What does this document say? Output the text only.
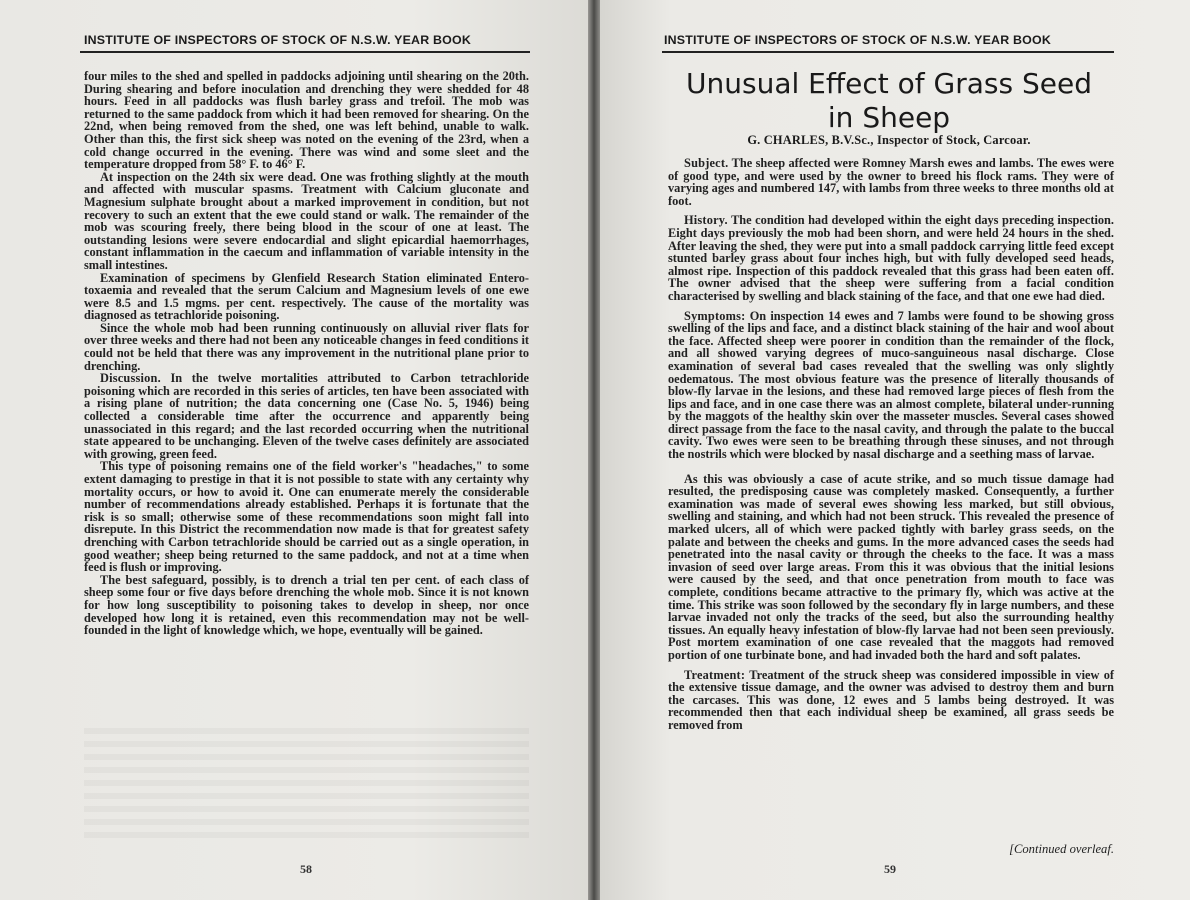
INSTITUTE OF INSPECTORS OF STOCK OF N.S.W. YEAR BOOK

four miles to the shed and spelled in paddocks adjoining until shearing on the 20th. During shearing and before inoculation and drenching they were shedded for 48 hours. Feed in all paddocks was flush barley grass and trefoil. The mob was returned to the same paddock from which it had been removed for shearing. On the 22nd, when being removed from the shed, one was left behind, unable to walk. Other than this, the first sick sheep was noted on the evening of the 23rd, when a cold change occurred in the evening. There was wind and some sleet and the temperature dropped from 58° F. to 46° F.

At inspection on the 24th six were dead. One was frothing slightly at the mouth and affected with muscular spasms. Treatment with Calcium gluconate and Magnesium sulphate brought about a marked improvement in condition, but not recovery to such an extent that the ewe could stand or walk. The remainder of the mob was scouring freely, there being blood in the scour of one at least. The outstanding lesions were severe endocardial and slight epicardial haemorrhages, constant inflammation in the caecum and inflammation of variable intensity in the small intestines.

Examination of specimens by Glenfield Research Station eliminated Entero-toxaemia and revealed that the serum Calcium and Magnesium levels of one ewe were 8.5 and 1.5 mgms. per cent. respectively. The cause of the mortality was diagnosed as tetrachloride poisoning.

Since the whole mob had been running continuously on alluvial river flats for over three weeks and there had not been any noticeable changes in feed conditions it could not be held that there was any improvement in the nutritional plane prior to drenching.

Discussion. In the twelve mortalities attributed to Carbon tetrachloride poisoning which are recorded in this series of articles, ten have been associated with a rising plane of nutrition; the data concerning one (Case No. 5, 1946) being collected a considerable time after the occurrence and apparently being unassociated in this regard; and the last recorded occurring when the nutritional state appeared to be unchanging. Eleven of the twelve cases definitely are associated with growing, green feed.

This type of poisoning remains one of the field worker's "headaches," to some extent damaging to prestige in that it is not possible to state with any certainty why mortality occurs, or how to avoid it. One can enumerate merely the considerable number of recommendations already established. Perhaps it is fortunate that the risk is so small; otherwise some of these recommendations soon might fall into disrepute. In this District the recommendation now made is that for greatest safety drenching with Carbon tetrachloride should be carried out as a single operation, in good weather; sheep being returned to the same paddock, and not at a time when feed is flush or improving.

The best safeguard, possibly, is to drench a trial ten per cent. of each class of sheep some four or five days before drenching the whole mob. Since it is not known for how long susceptibility to poisoning takes to develop in sheep, nor once developed how long it is retained, even this recommendation may not be well-founded in the light of knowledge which, we hope, eventually will be gained.

58
INSTITUTE OF INSPECTORS OF STOCK OF N.S.W. YEAR BOOK
Unusual Effect of Grass Seed
in Sheep
G. CHARLES, B.V.Sc., Inspector of Stock, Carcoar.

Subject. The sheep affected were Romney Marsh ewes and lambs. The ewes were of good type, and were used by the owner to breed his flock rams. They were of varying ages and numbered 147, with lambs from three weeks to three months old at foot.

History. The condition had developed within the eight days preceding inspection. Eight days previously the mob had been shorn, and were held 24 hours in the shed. After leaving the shed, they were put into a small paddock carrying little feed except stunted barley grass about four inches high, but with fully developed seed heads, almost ripe. Inspection of this paddock revealed that this grass had been eaten off. The owner advised that the sheep were suffering from a facial condition characterised by swelling and black staining of the face, and that one ewe had died.

Symptoms: On inspection 14 ewes and 7 lambs were found to be showing gross swelling of the lips and face, and a distinct black staining of the hair and wool about the face. Affected sheep were poorer in condition than the remainder of the flock, and all showed varying degrees of muco-sanguineous nasal discharge. Close examination of several bad cases revealed that the swelling was only slightly oedematous. The most obvious feature was the presence of literally thousands of blow-fly larvae in the lesions, and these had removed large pieces of flesh from the lips and face, and in one case there was an almost complete, bilateral under-running by the maggots of the healthy skin over the masseter muscles. Several cases showed direct passage from the face to the nasal cavity, and through the palate to the buccal cavity. Two ewes were seen to be breathing through these sinuses, and not through the nostrils which were blocked by nasal discharge and a seething mass of larvae.

As this was obviously a case of acute strike, and so much tissue damage had resulted, the predisposing cause was completely masked. Consequently, a further examination was made of several ewes showing less marked, but still obvious, swelling and staining, and which had not been struck. This revealed the presence of marked ulcers, all of which were packed tightly with barley grass seeds, on the palate and between the cheeks and gums. In the more advanced cases the seeds had penetrated into the nasal cavity or through the cheeks to the face. It was a mass invasion of seed over large areas. From this it was obvious that the initial lesions were caused by the seed, and that once penetration from mouth to face was complete, conditions became attractive to the primary fly, which was active at the time. This strike was soon followed by the secondary fly in large numbers, and these larvae invaded not only the tracks of the seed, but also the surrounding healthy tissues. An equally heavy infestation of blow-fly larvae had not been seen previously. Post mortem examination of one case revealed that the maggots had removed portion of one turbinate bone, and had invaded both the hard and soft palates.

Treatment: Treatment of the struck sheep was considered impossible in view of the extensive tissue damage, and the owner was advised to destroy them and burn the carcases. This was done, 12 ewes and 5 lambs being destroyed. It was recommended then that each individual sheep be examined, all grass seeds be removed from

[Continued overleaf.
59
